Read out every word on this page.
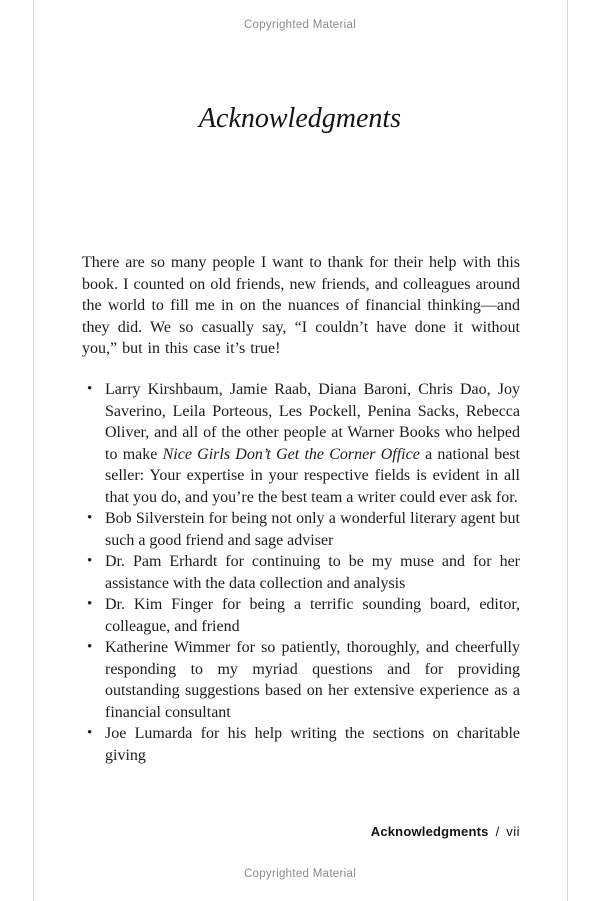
Copyrighted Material
Acknowledgments

There are so many people I want to thank for their help with this book. I counted on old friends, new friends, and colleagues around the world to fill me in on the nuances of financial thinking—and they did. We so casually say, “I couldn’t have done it without you,” but in this case it’s true!

• Larry Kirshbaum, Jamie Raab, Diana Baroni, Chris Dao, Joy Saverino, Leila Porteous, Les Pockell, Penina Sacks, Rebecca Oliver, and all of the other people at Warner Books who helped to make Nice Girls Don’t Get the Corner Office a national best seller: Your expertise in your respective fields is evident in all that you do, and you’re the best team a writer could ever ask for.
• Bob Silverstein for being not only a wonderful literary agent but such a good friend and sage adviser
• Dr. Pam Erhardt for continuing to be my muse and for her assistance with the data collection and analysis
• Dr. Kim Finger for being a terrific sounding board, editor, colleague, and friend
• Katherine Wimmer for so patiently, thoroughly, and cheerfully responding to my myriad questions and for providing outstanding suggestions based on her extensive experience as a financial consultant
• Joe Lumarda for his help writing the sections on charitable giving
Acknowledgments / vii
Copyrighted Material
